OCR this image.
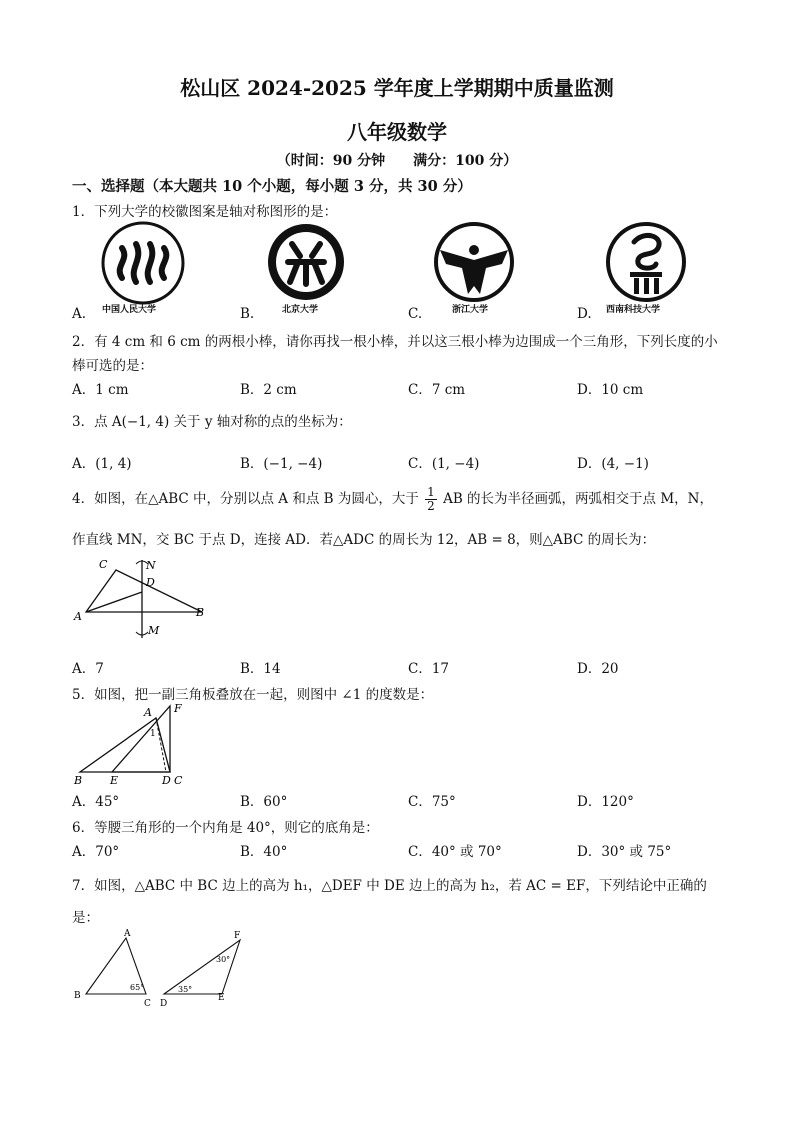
松山区 2024-2025 学年度上学期期中质量监测
八年级数学
（时间：90 分钟　　满分：100 分）
一、选择题（本大题共 10 个小题，每小题 3 分，共 30 分）
1．下列大学的校徽图案是轴对称图形的是：
A. 中国人民大学	B.	北京大学	C.	浙江大学	D. 西南科技大学
2．有 4 cm 和 6 cm 的两根小棒，请你再找一根小棒，并以这三根小棒为边围成一个三角形，下列长度的小
棒可选的是：
A．1 cm	B．2 cm	C．7 cm	D．10 cm
3．点 A(−1, 4) 关于 y 轴对称的点的坐标为：
A．(1, 4)	B．(−1, −4)	C．(1, −4)	D．(4, −1)
4．如图，在△ABC 中，分别以点 A 和点 B 为圆心，大于 $\frac{1}{2}$ AB 的长为半径画弧，两弧相交于点 M，N，
作直线 MN，交 BC 于点 D，连接 AD．若△ADC 的周长为 12，AB = 8，则△ABC 的周长为：
C	N
D
A	B
M
A．7	B．14	C．17	D．20
5．如图，把一副三角板叠放在一起，则图中 ∠1 的度数是：
A F
1
B	E	D C
A．45°	B．60°	C．75°	D．120°
6．等腰三角形的一个内角是 40°，则它的底角是：
A．70°	B．40°	C．40° 或 70°	D．30° 或 75°
7．如图，△ABC 中 BC 边上的高为 h₁，△DEF 中 DE 边上的高为 h₂，若 AC = EF，下列结论中正确的
是：
A
B
C
65°
D
E
F
30°
35°
